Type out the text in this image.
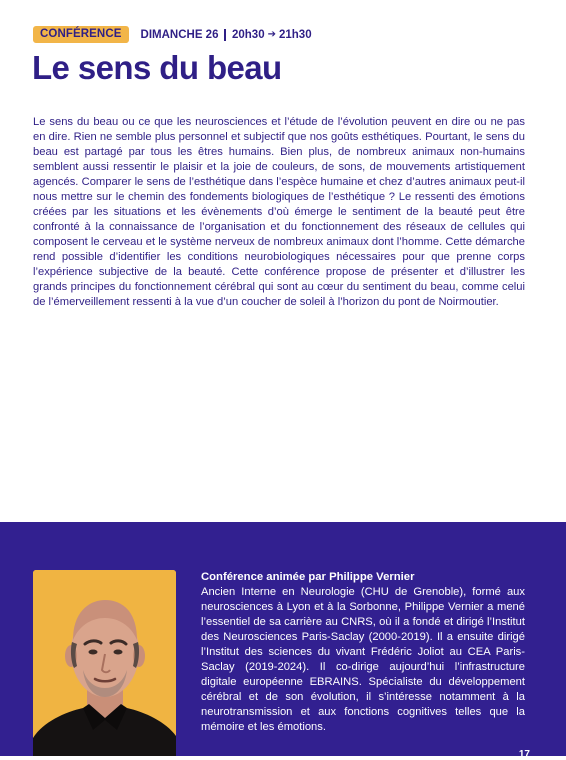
CONFÉRENCE	DIMANCHE 26 20h30 ➔ 21h30
Le sens du beau

Le sens du beau ou ce que les neurosciences et l’étude de l’évolution peuvent en dire ou ne pas en dire. Rien ne semble plus personnel et subjectif que nos goûts esthétiques. Pourtant, le sens du beau est partagé par tous les êtres humains. Bien plus, de nombreux animaux non-humains semblent aussi ressentir le plaisir et la joie de couleurs, de sons, de mouvements artistiquement agencés. Comparer le sens de l’esthétique dans l’espèce humaine et chez d’autres animaux peut-il nous mettre sur le chemin des fondements biologiques de l’esthétique ? Le ressenti des émotions créées par les situations et les évènements d’où émerge le sentiment de la beauté peut être confronté à la connaissance de l’organisation et du fonctionnement des réseaux de cellules qui composent le cerveau et le système nerveux de nombreux animaux dont l’homme. Cette démarche rend possible d’identifier les conditions neurobiologiques nécessaires pour que prenne corps l’expérience subjective de la beauté. Cette conférence propose de présenter et d’illustrer les grands principes du fonctionnement cérébral qui sont au cœur du sentiment du beau, comme celui de l’émerveillement ressenti à la vue d’un coucher de soleil à l’horizon du pont de Noirmoutier.

Conférence animée par Philippe Vernier

Ancien Interne en Neurologie (CHU de Grenoble), formé aux neurosciences à Lyon et à la Sorbonne, Philippe Vernier a mené l’essentiel de sa carrière au CNRS, où il a fondé et dirigé l’Institut des Neurosciences Paris-Saclay (2000-2019). Il a ensuite dirigé l’Institut des sciences du vivant Frédéric Joliot au CEA Paris-Saclay (2019-2024). Il co-dirige aujourd’hui l’infrastructure digitale européenne EBRAINS. Spécialiste du développement cérébral et de son évolution, il s’intéresse notamment à la neurotransmission et aux fonctions cognitives telles que la mémoire et les émotions.

17
